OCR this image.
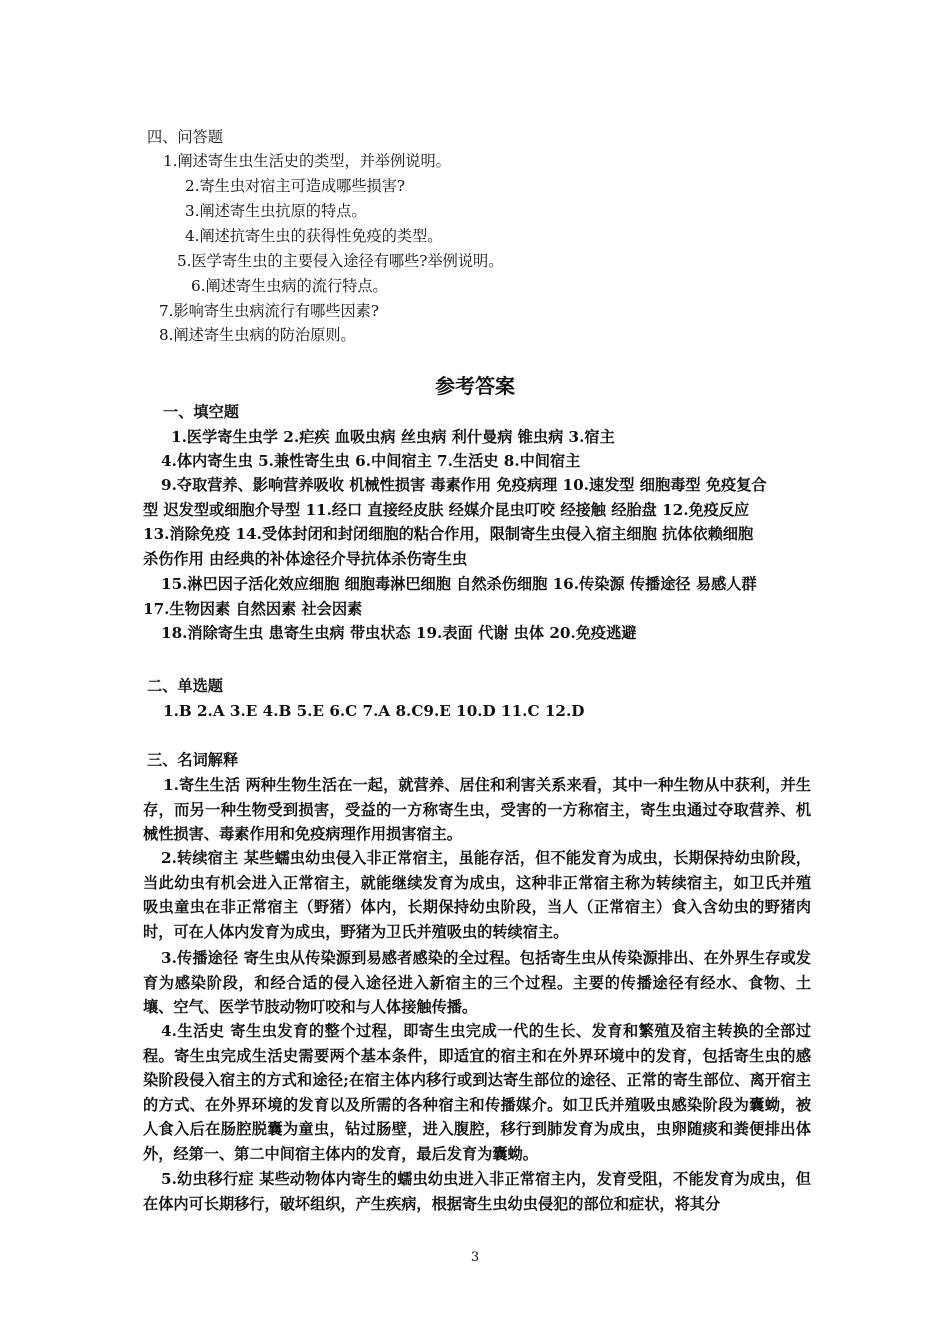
四、问答题
1.阐述寄生虫生活史的类型，并举例说明。
2.寄生虫对宿主可造成哪些损害?
3.阐述寄生虫抗原的特点。
4.阐述抗寄生虫的获得性免疫的类型。
5.医学寄生虫的主要侵入途径有哪些?举例说明。
6.阐述寄生虫病的流行特点。
7.影响寄生虫病流行有哪些因素?
8.阐述寄生虫病的防治原则。
参考答案
一、填空题
1.医学寄生虫学 2.疟疾 血吸虫病 丝虫病 利什曼病 锥虫病 3.宿主
4.体内寄生虫 5.兼性寄生虫 6.中间宿主 7.生活史 8.中间宿主
9.夺取营养、影响营养吸收 机械性损害 毒素作用 免疫病理 10.速发型 细胞毒型 免疫复合
型 迟发型或细胞介导型 11.经口 直接经皮肤 经媒介昆虫叮咬 经接触 经胎盘 12.免疫反应
13.消除免疫 14.受体封闭和封闭细胞的粘合作用，限制寄生虫侵入宿主细胞 抗体依赖细胞
杀伤作用 由经典的补体途径介导抗体杀伤寄生虫
15.淋巴因子活化效应细胞 细胞毒淋巴细胞 自然杀伤细胞 16.传染源 传播途径 易感人群
17.生物因素 自然因素 社会因素
18.消除寄生虫 患寄生虫病 带虫状态 19.表面 代谢 虫体 20.免疫逃避
二、单选题
1.B 2.A 3.E 4.B 5.E 6.C 7.A 8.C9.E 10.D 11.C 12.D
三、名词解释
1.寄生生活 两种生物生活在一起，就营养、居住和利害关系来看，其中一种生物从中获利，并生存，而另一种生物受到损害，受益的一方称寄生虫，受害的一方称宿主，寄生虫通过夺取营养、机械性损害、毒素作用和免疫病理作用损害宿主。
2.转续宿主 某些蠕虫幼虫侵入非正常宿主，虽能存活，但不能发育为成虫，长期保持幼虫阶段，当此幼虫有机会进入正常宿主，就能继续发育为成虫，这种非正常宿主称为转续宿主，如卫氏并殖吸虫童虫在非正常宿主（野猪）体内，长期保持幼虫阶段，当人（正常宿主）食入含幼虫的野猪肉时，可在人体内发育为成虫，野猪为卫氏并殖吸虫的转续宿主。
3.传播途径 寄生虫从传染源到易感者感染的全过程。包括寄生虫从传染源排出、在外界生存或发育为感染阶段，和经合适的侵入途径进入新宿主的三个过程。主要的传播途径有经水、食物、土壤、空气、医学节肢动物叮咬和与人体接触传播。
4.生活史 寄生虫发育的整个过程，即寄生虫完成一代的生长、发育和繁殖及宿主转换的全部过程。寄生虫完成生活史需要两个基本条件，即适宜的宿主和在外界环境中的发育，包括寄生虫的感染阶段侵入宿主的方式和途径;在宿主体内移行或到达寄生部位的途径、正常的寄生部位、离开宿主的方式、在外界环境的发育以及所需的各种宿主和传播媒介。如卫氏并殖吸虫感染阶段为囊蚴，被人食入后在肠腔脱囊为童虫，钻过肠壁，进入腹腔，移行到肺发育为成虫，虫卵随痰和粪便排出体外，经第一、第二中间宿主体内的发育，最后发育为囊蚴。
5.幼虫移行症 某些动物体内寄生的蠕虫幼虫进入非正常宿主内，发育受阻，不能发育为成虫，但在体内可长期移行，破坏组织，产生疾病，根据寄生虫幼虫侵犯的部位和症状，将其分
3
